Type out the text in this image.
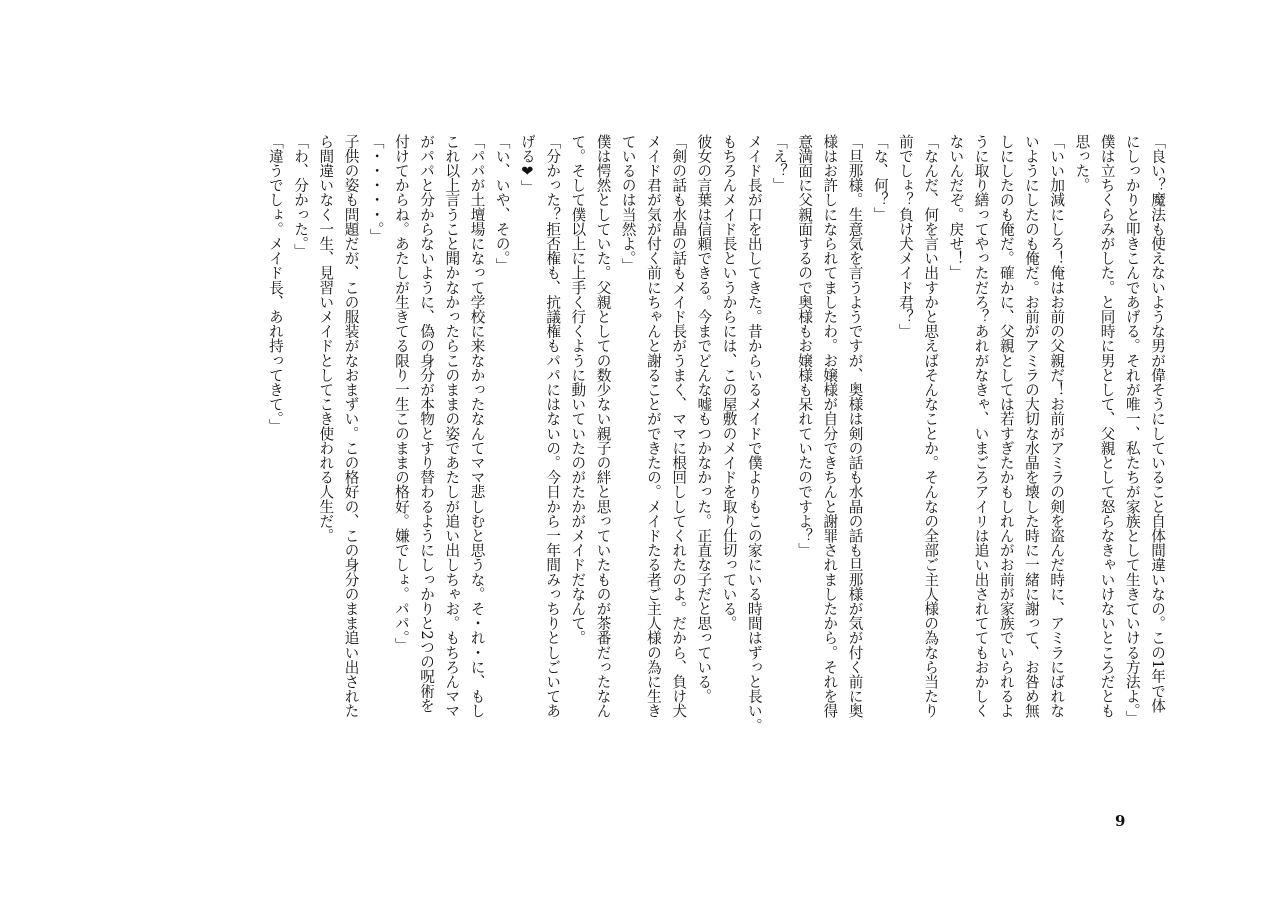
「良い？魔法も使えないような男が偉そうにしていること自体間違いなの。この1年で体

にしっかりと叩きこんであげる。それが唯一、私たちが家族として生きていける方法よ。」

僕は立ちくらみがした。と同時に男として、父親として怒らなきゃいけないところだとも

思った。

「いい加減にしろ！俺はお前の父親だ！お前がアミラの剣を盗んだ時に、アミラにばれな

いようにしたのも俺だ。お前がアミラの大切な水晶を壊した時に一緒に謝って、お咎め無

しにしたのも俺だ。確かに、父親としては若すぎたかもしれんがお前が家族でいられるよ

うに取り繕ってやっただろ？あれがなきゃ、いまごろアイリは追い出されててもおかしく

ないんだぞ。戻せ！」

「なんだ、何を言い出すかと思えばそんなことか。そんなの全部ご主人様の為なら当たり

前でしょ？負け犬メイド君？」

「な、何？」

「旦那様。生意気を言うようですが、奥様は剣の話も水晶の話も旦那様が気が付く前に奥

様はお許しになられてましたわ。お嬢様が自分できちんと謝罪されましたから。それを得

意満面に父親面するので奥様もお嬢様も呆れていたのですよ？」

「え？」

メイド長が口を出してきた。昔からいるメイドで僕よりもこの家にいる時間はずっと長い。

もちろんメイド長というからには、この屋敷のメイドを取り仕切っている。

彼女の言葉は信頼できる。今までどんな嘘もつかなかった。正直な子だと思っている。

「剣の話も水晶の話もメイド長がうまく、ママに根回ししてくれたのよ。だから、負け犬

メイド君が気が付く前にちゃんと謝ることができたの。メイドたる者ご主人様の為に生き

ているのは当然よ。」

僕は愕然としていた。父親としての数少ない親子の絆と思っていたものが茶番だったなん

て。そして僕以上に上手く行くように動いていたのがたかがメイドだなんて。

「分かった？拒否権も、抗議権もパパにはないの。今日から一年間みっちりとしごいてあ

げる❤」

「い、いや、その。」

「パパが土壇場になって学校に来なかったなんてママ悲しむと思うな。そ・れ・に、もし

これ以上言うこと聞かなかったらこのままの姿であたしが追い出しちゃお。もちろんママ

がパパと分からないように、偽の身分が本物とすり替わるようにしっかりと2つの呪術を

付けてからね。あたしが生きてる限り一生このままの格好。嫌でしょ。パパ。」

「・・・・・。」

子供の姿も問題だが、この服装がなおまずい。この格好の、この身分のまま追い出された

ら間違いなく一生、見習いメイドとしてこき使われる人生だ。

「わ、分かった。」

「違うでしょ。メイド長、あれ持ってきて。」

9
